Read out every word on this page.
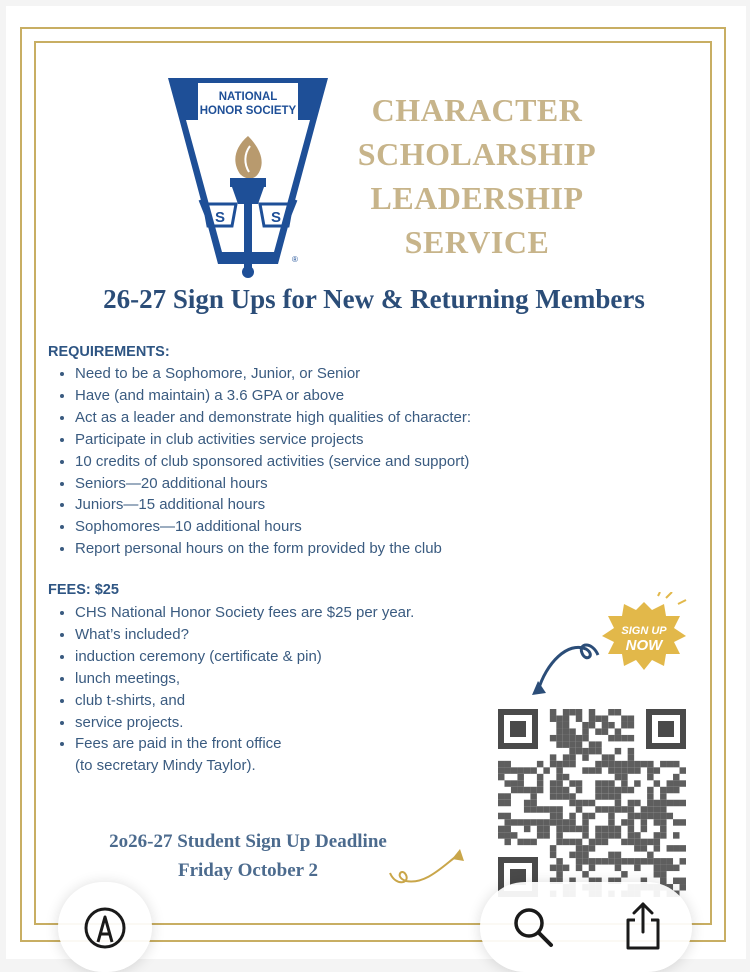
NATIONAL
HONOR SOCIETY
S	S
®
CHARACTER
SCHOLARSHIP
LEADERSHIP
SERVICE
26-27 Sign Ups for New & Returning Members
REQUIREMENTS:
• Need to be a Sophomore, Junior, or Senior
• Have (and maintain) a 3.6 GPA or above
• Act as a leader and demonstrate high qualities of character:
• Participate in club activities service projects
• 10 credits of club sponsored activities (service and support)
• Seniors—20 additional hours
• Juniors—15 additional hours
• Sophomores—10 additional hours
• Report personal hours on the form provided by the club
FEES: $25
• CHS National Honor Society fees are $25 per year.
• What’s included?
• induction ceremony (certificate & pin)
• lunch meetings,
• club t-shirts, and
• service projects.
• Fees are paid in the front office
(to secretary Mindy Taylor).
2o26-27 Student Sign Up Deadline
Friday October 2
SIGN UP
NOW
